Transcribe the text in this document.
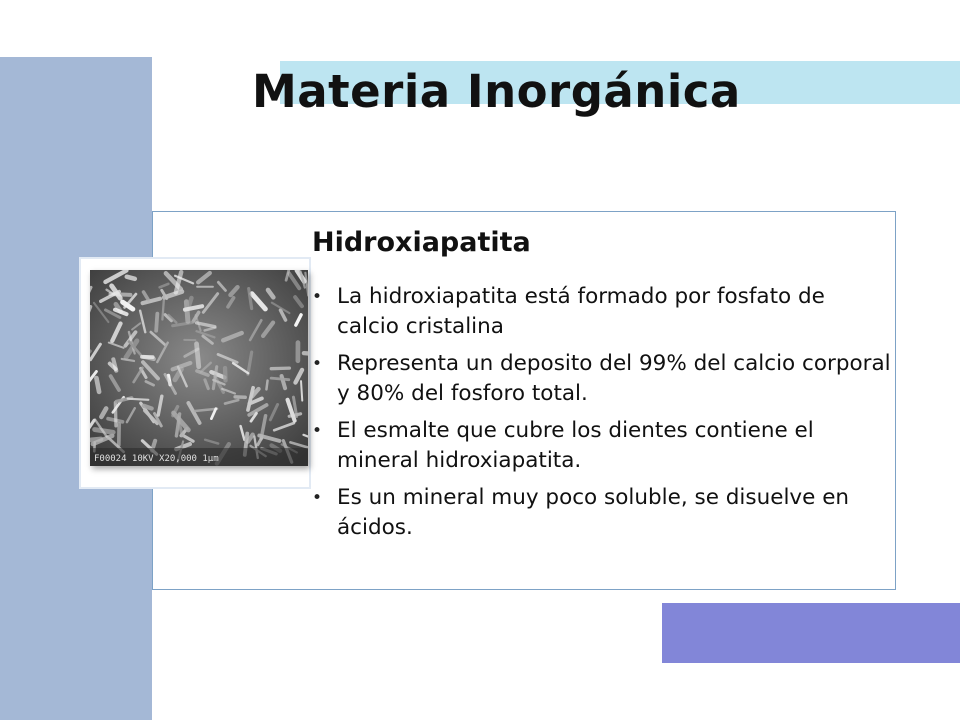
Materia Inorgánica
F00024 10KV X20,000 1μm
Hidroxiapatita
• La hidroxiapatita está formado por fosfato de calcio cristalina
• Representa un deposito del 99% del calcio corporal y 80% del fosforo total.
• El esmalte que cubre los dientes contiene el mineral hidroxiapatita.
• Es un mineral muy poco soluble, se disuelve en ácidos.
